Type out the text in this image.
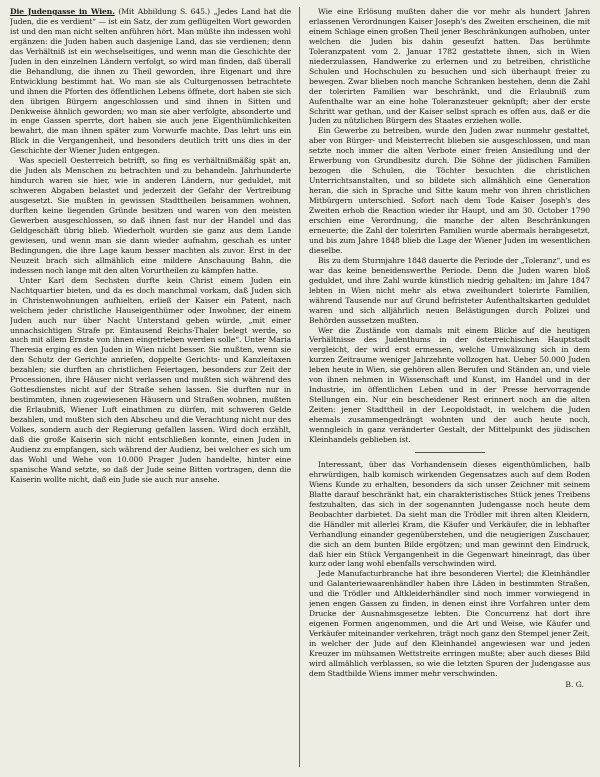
Die Judengasse in Wien. (Mit Abbildung S. 645.) „Jedes Land hat die Juden, die es verdient“ — ist ein Satz, der zum geflügelten Wort geworden ist und den man nicht selten anführen hört. Man müßte ihn indessen wohl ergänzen: die Juden haben auch dasjenige Land, das sie verdienen; denn das Verhältniß ist ein wechselseitiges, und wenn man die Geschichte der Juden in den einzelnen Ländern verfolgt, so wird man finden, daß überall die Behandlung, die ihnen zu Theil geworden, ihre Eigenart und ihre Entwicklung bestimmt hat. Wo man sie als Culturgenossen betrachtete und ihnen die Pforten des öffentlichen Lebens öffnete, dort haben sie sich den übrigen Bürgern angeschlossen und sind ihnen in Sitten und Denkweise ähnlich geworden; wo man sie aber verfolgte, absonderte und in enge Gassen sperrte, dort haben sie auch jene Eigenthümlichkeiten bewahrt, die man ihnen später zum Vorwurfe machte. Das lehrt uns ein Blick in die Vergangenheit, und besonders deutlich tritt uns dies in der Geschichte der Wiener Juden entgegen.

Was speciell Oesterreich betrifft, so fing es verhältnißmäßig spät an, die Juden als Menschen zu betrachten und zu behandeln. Jahrhunderte hindurch waren sie hier, wie in anderen Ländern, nur geduldet, mit schweren Abgaben belastet und jederzeit der Gefahr der Vertreibung ausgesetzt. Sie mußten in gewissen Stadttheilen beisammen wohnen, durften keine liegenden Gründe besitzen und waren von den meisten Gewerben ausgeschlossen, so daß ihnen fast nur der Handel und das Geldgeschäft übrig blieb. Wiederholt wurden sie ganz aus dem Lande gewiesen, und wenn man sie dann wieder aufnahm, geschah es unter Bedingungen, die ihre Lage kaum besser machten als zuvor. Erst in der Neuzeit brach sich allmählich eine mildere Anschauung Bahn, die indessen noch lange mit den alten Vorurtheilen zu kämpfen hatte.

Unter Karl dem Sechsten durfte kein Christ einem Juden ein Nachtquartier bieten, und da es doch manchmal vorkam, daß Juden sich in Christenwohnungen aufhielten, erließ der Kaiser ein Patent, nach welchem jeder christliche Hauseigenthümer oder Inwohner, der einem Juden auch nur über Nacht Unterstand geben würde, „mit einer unnachsichtigen Strafe pr. Eintausend Reichs-Thaler belegt werde, so auch mit allem Ernste von ihnen eingetrieben werden solle“. Unter Maria Theresia erging es den Juden in Wien nicht besser. Sie mußten, wenn sie den Schutz der Gerichte anriefen, doppelte Gerichts- und Kanzleitaxen bezahlen; sie durften an christlichen Feiertagen, besonders zur Zeit der Processionen, ihre Häuser nicht verlassen und mußten sich während des Gottesdienstes nicht auf der Straße sehen lassen. Sie durften nur in bestimmten, ihnen zugewiesenen Häusern und Straßen wohnen, mußten die Erlaubniß, Wiener Luft einathmen zu dürfen, mit schweren Gelde bezahlen, und mußten sich den Abscheu und die Verachtung nicht nur des Volkes, sondern auch der Regierung gefallen lassen. Wird doch erzählt, daß die große Kaiserin sich nicht entschließen konnte, einen Juden in Audienz zu empfangen, sich während der Audienz, bei welcher es sich um das Wohl und Wehe von 10.000 Prager Juden handelte, hinter eine spanische Wand setzte, so daß der Jude seine Bitten vortragen, denn die Kaiserin wollte nicht, daß ein Jude sie auch nur ansehe.

Wie eine Erlösung mußten daher die vor mehr als hundert Jahren erlassenen Verordnungen Kaiser Joseph's des Zweiten erscheinen, die mit einem Schlage einen großen Theil jener Beschränkungen aufhoben, unter welchen die Juden bis dahin geseufzt hatten. Das berühmte Toleranzpatent vom 2. Januar 1782 gestattete ihnen, sich in Wien niederzulassen, Handwerke zu erlernen und zu betreiben, christliche Schulen und Hochschulen zu besuchen und sich überhaupt freier zu bewegen. Zwar blieben noch manche Schranken bestehen, denn die Zahl der tolerirten Familien war beschränkt, und die Erlaubniß zum Aufenthalte war an eine hohe Toleranzsteuer geknüpft; aber der erste Schritt war gethan, und der Kaiser selbst sprach es offen aus, daß er die Juden zu nützlichen Bürgern des Staates erziehen wolle.

Ein Gewerbe zu betreiben, wurde den Juden zwar nunmehr gestattet, aber von Bürger- und Meisterrecht blieben sie ausgeschlossen, und man setzte noch immer die alten Verbote einer freien Ansiedlung und der Erwerbung von Grundbesitz durch. Die Söhne der jüdischen Familien bezogen die Schulen, die Töchter besuchten die christlichen Unterrichtsanstalten, und so bildete sich allmählich eine Generation heran, die sich in Sprache und Sitte kaum mehr von ihren christlichen Mitbürgern unterschied. Sofort nach dem Tode Kaiser Joseph's des Zweiten erhob die Reaction wieder ihr Haupt, und am 30. October 1790 erschien eine Verordnung, die manche der alten Beschränkungen erneuerte; die Zahl der tolerirten Familien wurde abermals herabgesetzt, und bis zum Jahre 1848 blieb die Lage der Wiener Juden im wesentlichen dieselbe.

Bis zu dem Sturmjahre 1848 dauerte die Periode der „Toleranz“, und es war das keine beneidenswerthe Periode. Denn die Juden waren bloß geduldet, und ihre Zahl wurde künstlich niedrig gehalten; im Jahre 1847 lebten in Wien nicht mehr als etwa zweihundert tolerirte Familien, während Tausende nur auf Grund befristeter Aufenthaltskarten geduldet waren und sich alljährlich neuen Belästigungen durch Polizei und Behörden aussetzen mußten.

Wer die Zustände von damals mit einem Blicke auf die heutigen Verhältnisse des Judenthums in der österreichischen Hauptstadt vergleicht, der wird erst ermessen, welche Umwälzung sich in dem kurzen Zeitraume weniger Jahrzehnte vollzogen hat. Ueber 50.000 Juden leben heute in Wien, sie gehören allen Berufen und Ständen an, und viele von ihnen nehmen in Wissenschaft und Kunst, im Handel und in der Industrie, im öffentlichen Leben und in der Presse hervorragende Stellungen ein. Nur ein bescheidener Rest erinnert noch an die alten Zeiten: jener Stadttheil in der Leopoldstadt, in welchem die Juden ehemals zusammengedrängt wohnten und der auch heute noch, wenngleich in ganz veränderter Gestalt, der Mittelpunkt des jüdischen Kleinhandels geblieben ist.

Interessant, über das Vorhandensein dieses eigenthümlichen, halb ehrwürdigen, halb komisch wirkenden Gegensatzes auch auf dem Boden Wiens Kunde zu erhalten, besonders da sich unser Zeichner mit seinem Blatte darauf beschränkt hat, ein charakteristisches Stück jenes Treibens festzuhalten, das sich in der sogenannten Judengasse noch heute dem Beobachter darbietet. Da sieht man die Trödler mit ihren alten Kleidern, die Händler mit allerlei Kram, die Käufer und Verkäufer, die in lebhafter Verhandlung einander gegenüberstehen, und die neugierigen Zuschauer, die sich an dem bunten Bilde ergötzen; und man gewinnt den Eindruck, daß hier ein Stück Vergangenheit in die Gegenwart hineinragt, das über kurz oder lang wohl ebenfalls verschwinden wird.

Jede Manufacturbranche hat ihre besonderen Viertel; die Kleinhändler und Galanteriewaarenhändler haben ihre Läden in bestimmten Straßen, und die Trödler und Altkleiderhändler sind noch immer vorwiegend in jenen engen Gassen zu finden, in denen einst ihre Vorfahren unter dem Drucke der Ausnahmsgesetze lebten. Die Concurrenz hat dort ihre eigenen Formen angenommen, und die Art und Weise, wie Käufer und Verkäufer miteinander verkehren, trägt noch ganz den Stempel jener Zeit, in welcher der Jude auf den Kleinhandel angewiesen war und jeden Kreuzer im mühsamen Wettstreite erringen mußte; aber auch dieses Bild wird allmählich verblassen, so wie die letzten Spuren der Judengasse aus dem Stadtbilde Wiens immer mehr verschwinden.

B. G.
